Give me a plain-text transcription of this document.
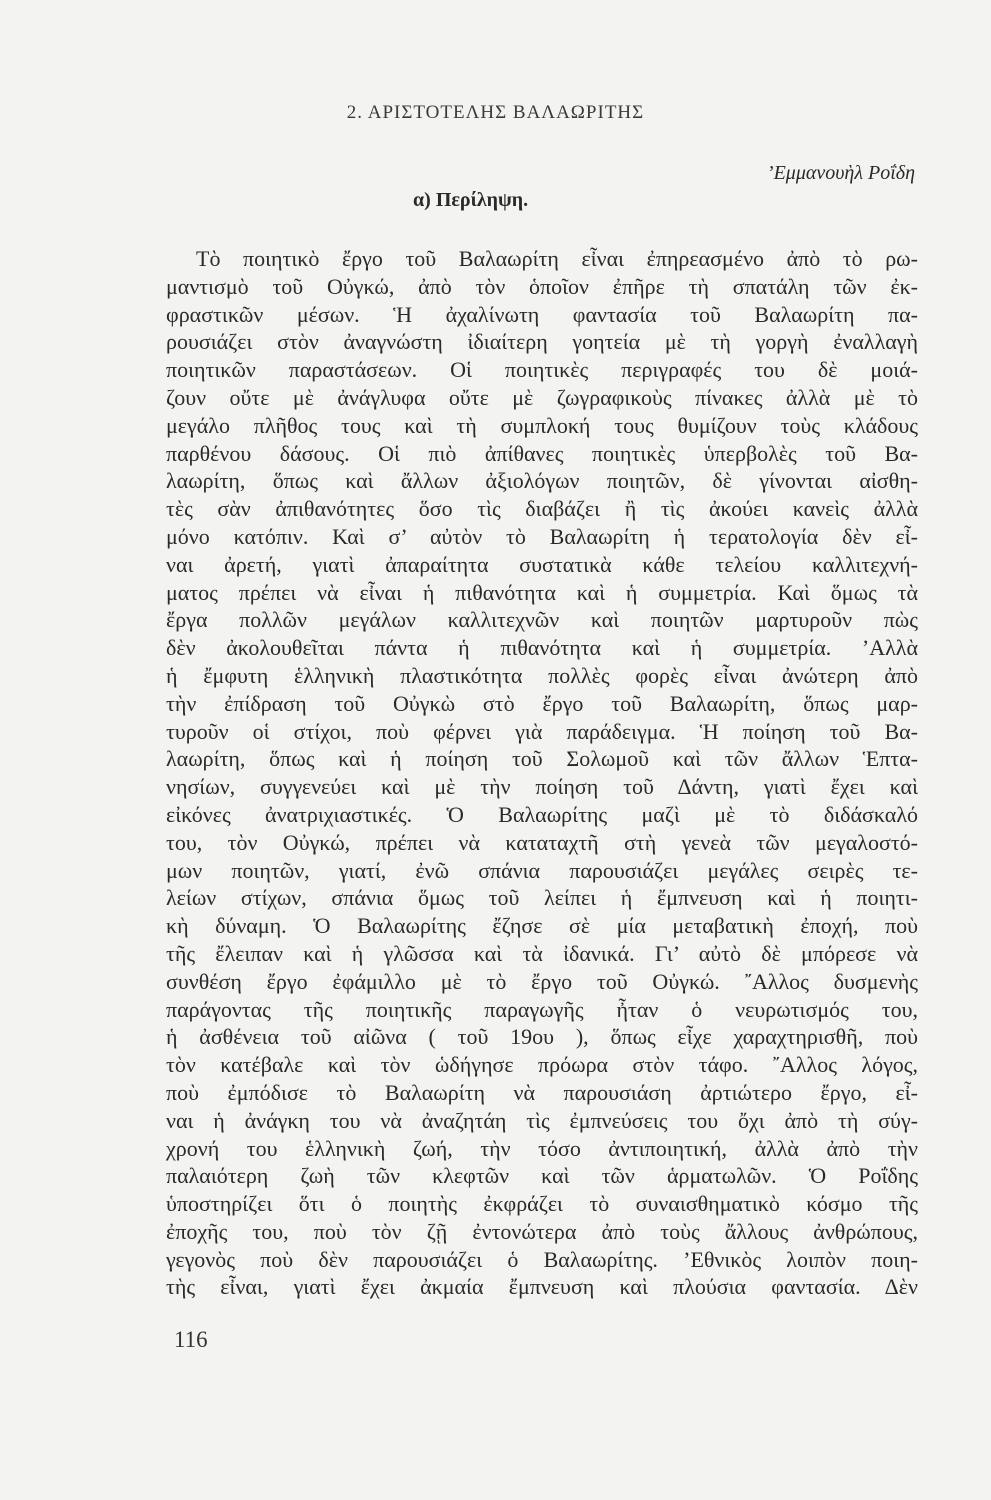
2. ΑΡΙΣΤΟΤΕΛΗΣ ΒΑΛΑΩΡΙΤΗΣ
’Εμμανουὴλ Ροΐδη
α) Περίληψη.
Τὸ ποιητικὸ ἔργο τοῦ Βαλαωρίτη εἶναι ἐπηρεασμένο ἀπὸ τὸ ρω-
μαντισμὸ τοῦ Οὐγκώ, ἀπὸ τὸν ὁποῖον ἐπῆρε τὴ σπατάλη τῶν ἐκ-
φραστικῶν μέσων. Ἡ ἀχαλίνωτη φαντασία τοῦ Βαλαωρίτη πα-
ρουσιάζει στὸν ἀναγνώστη ἰδιαίτερη γοητεία μὲ τὴ γοργὴ ἐναλλαγὴ
ποιητικῶν παραστάσεων. Οἱ ποιητικὲς περιγραφές του δὲ μοιά-
ζουν οὔτε μὲ ἀνάγλυφα οὔτε μὲ ζωγραφικοὺς πίνακες ἀλλὰ μὲ τὸ
μεγάλο πλῆθος τους καὶ τὴ συμπλοκή τους θυμίζουν τοὺς κλάδους
παρθένου δάσους. Οἱ πιὸ ἀπίθανες ποιητικὲς ὑπερβολὲς τοῦ Βα-
λαωρίτη, ὅπως καὶ ἄλλων ἀξιολόγων ποιητῶν, δὲ γίνονται αἰσθη-
τὲς σὰν ἀπιθανότητες ὅσο τὶς διαβάζει ἢ τὶς ἀκούει κανεὶς ἀλλὰ
μόνο κατόπιν. Καὶ σ’ αὐτὸν τὸ Βαλαωρίτη ἡ τερατολογία δὲν εἶ-
ναι ἀρετή, γιατὶ ἀπαραίτητα συστατικὰ κάθε τελείου καλλιτεχνή-
ματος πρέπει νὰ εἶναι ἡ πιθανότητα καὶ ἡ συμμετρία. Καὶ ὅμως τὰ
ἔργα πολλῶν μεγάλων καλλιτεχνῶν καὶ ποιητῶν μαρτυροῦν πὼς
δὲν ἀκολουθεῖται πάντα ἡ πιθανότητα καὶ ἡ συμμετρία. ’Αλλὰ
ἡ ἔμφυτη ἑλληνικὴ πλαστικότητα πολλὲς φορὲς εἶναι ἀνώτερη ἀπὸ
τὴν ἐπίδραση τοῦ Οὐγκὼ στὸ ἔργο τοῦ Βαλαωρίτη, ὅπως μαρ-
τυροῦν οἱ στίχοι, ποὺ φέρνει γιὰ παράδειγμα. Ἡ ποίηση τοῦ Βα-
λαωρίτη, ὅπως καὶ ἡ ποίηση τοῦ Σολωμοῦ καὶ τῶν ἄλλων Ἑπτα-
νησίων, συγγενεύει καὶ μὲ τὴν ποίηση τοῦ Δάντη, γιατὶ ἔχει καὶ
εἰκόνες ἀνατριχιαστικές. Ὁ Βαλαωρίτης μαζὶ μὲ τὸ διδάσκαλό
του, τὸν Οὐγκώ, πρέπει νὰ καταταχτῆ στὴ γενεὰ τῶν μεγαλοστό-
μων ποιητῶν, γιατί, ἐνῶ σπάνια παρουσιάζει μεγάλες σειρὲς τε-
λείων στίχων, σπάνια ὅμως τοῦ λείπει ἡ ἔμπνευση καὶ ἡ ποιητι-
κὴ δύναμη. Ὁ Βαλαωρίτης ἔζησε σὲ μία μεταβατικὴ ἐποχή, ποὺ
τῆς ἔλειπαν καὶ ἡ γλῶσσα καὶ τὰ ἰδανικά. Γι’ αὐτὸ δὲ μπόρεσε νὰ
συνθέση ἔργο ἐφάμιλλο μὲ τὸ ἔργο τοῦ Οὐγκώ. ῎Αλλος δυσμενὴς
παράγοντας τῆς ποιητικῆς παραγωγῆς ἦταν ὁ νευρωτισμός του,
ἡ ἀσθένεια τοῦ αἰῶνα ( τοῦ 19ου ), ὅπως εἶχε χαραχτηρισθῆ, ποὺ
τὸν κατέβαλε καὶ τὸν ὡδήγησε πρόωρα στὸν τάφο. ῎Αλλος λόγος,
ποὺ ἐμπόδισε τὸ Βαλαωρίτη νὰ παρουσιάση ἀρτιώτερο ἔργο, εἶ-
ναι ἡ ἀνάγκη του νὰ ἀναζητάη τὶς ἐμπνεύσεις του ὄχι ἀπὸ τὴ σύγ-
χρονή του ἑλληνικὴ ζωή, τὴν τόσο ἀντιποιητική, ἀλλὰ ἀπὸ τὴν
παλαιότερη ζωὴ τῶν κλεφτῶν καὶ τῶν ἁρματωλῶν. Ὁ Ροΐδης
ὑποστηρίζει ὅτι ὁ ποιητὴς ἐκφράζει τὸ συναισθηματικὸ κόσμο τῆς
ἐποχῆς του, ποὺ τὸν ζῇ ἐντονώτερα ἀπὸ τοὺς ἄλλους ἀνθρώπους,
γεγονὸς ποὺ δὲν παρουσιάζει ὁ Βαλαωρίτης. ’Εθνικὸς λοιπὸν ποιη-
τὴς εἶναι, γιατὶ ἔχει ἀκμαία ἔμπνευση καὶ πλούσια φαντασία. Δὲν
116
